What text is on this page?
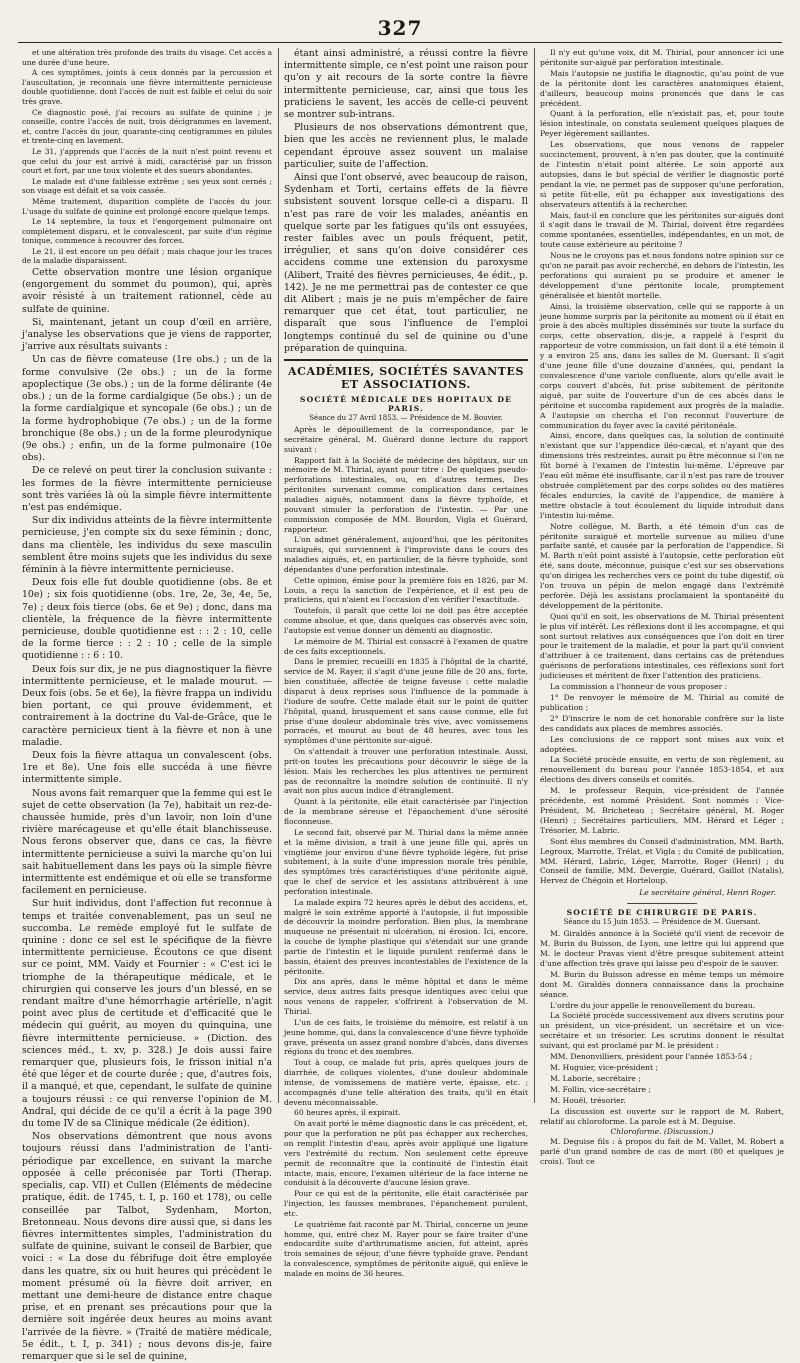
327

et une altération très profonde des traits du visage. Cet accès a une durée d'une heure.

A ces symptômes, joints à ceux donnés par la percussion et l'auscultation, je reconnais une fièvre intermittente pernicieuse double quotidienne, dont l'accès de nuit est faible et celui du soir très grave.

Ce diagnostic posé, j'ai recours au sulfate de quinine ; je conseille, contre l'accès de nuit, trois décigrammes en lavement, et, contre l'accès du jour, quarante-cinq centigrammes en pilules et trente-cinq en lavement.

Le 31, j'apprends que l'accès de la nuit n'est point revenu et que celui du jour est arrivé à midi, caractérisé par un frisson court et fort, par une toux violente et des sueurs abondantes.

Le malade est d'une faiblesse extrême ; ses yeux sont cernés ; son visage est défait et sa voix cassée.

Même traitement, disparition complète de l'accès du jour. L'usage du sulfate de quinine est prolongé encore quelque temps.

Le 14 septembre, la toux et l'engorgement pulmonaire ont complètement disparu, et le convalescent, par suite d'un régime tonique, commence à recouvrer des forces.

Le 21, il est encore un peu défait ; mais chaque jour les traces de la maladie disparaissent.

Cette observation montre une lésion organique (engorgement du sommet du poumon), qui, après avoir résisté à un traitement rationnel, cède au sulfate de quinine.

Si, maintenant, jetant un coup d'œil en arrière, j'analyse les observations que je viens de rapporter, j'arrive aux résultats suivants :

Un cas de fièvre comateuse (1re obs.) ; un de la forme convulsive (2e obs.) ; un de la forme apoplectique (3e obs.) ; un de la forme délirante (4e obs.) ; un de la forme cardialgique (5e obs.) ; un de la forme cardialgique et syncopale (6e obs.) ; un de la forme hydrophobique (7e obs.) ; un de la forme bronchique (8e obs.) ; un de la forme pleurodynique (9e obs.) ; enfin, un de la forme pulmonaire (10e obs).

De ce relevé on peut tirer la conclusion suivante : les formes de la fièvre intermittente pernicieuse sont très variées là où la simple fièvre intermittente n'est pas endémique.

Sur dix individus atteints de la fièvre intermittente pernicieuse, j'en compte six du sexe féminin ; donc, dans ma clientèle, les individus du sexe masculin semblent être moins sujets que les individus du sexe féminin à la fièvre intermittente pernicieuse.

Deux fois elle fut double quotidienne (obs. 8e et 10e) ; six fois quotidienne (obs. 1re, 2e, 3e, 4e, 5e, 7e) ; deux fois tierce (obs. 6e et 9e) ; donc, dans ma clientèle, la fréquence de la fièvre intermittente pernicieuse, double quotidienne est : : 2 : 10, celle de la forme tierce : : 2 : 10 ; celle de la simple quotidienne : : 6 : 10.

Deux fois sur dix, je ne pus diagnostiquer la fièvre intermittente pernicieuse, et le malade mourut. — Deux fois (obs. 5e et 6e), la fièvre frappa un individu bien portant, ce qui prouve évidemment, et contrairement à la doctrine du Val-de-Grâce, que le caractère pernicieux tient à la fièvre et non à une maladie.

Deux fois la fièvre attaqua un convalescent (obs. 1re et 8e). Une fois elle succéda à une fièvre intermittente simple.

Nous avons fait remarquer que la femme qui est le sujet de cette observation (la 7e), habitait un rez-de-chaussée humide, près d'un lavoir, non loin d'une rivière marécageuse et qu'elle était blanchisseuse. Nous ferons observer que, dans ce cas, la fièvre intermittente pernicieuse a suivi la marche qu'on lui sait habituellement dans les pays où la simple fièvre intermittente est endémique et où elle se transforme facilement en pernicieuse.

Sur huit individus, dont l'affection fut reconnue à temps et traitée convenablement, pas un seul ne succomba. Le remède employé fut le sulfate de quinine : donc ce sel est le spécifique de la fièvre intermittente pernicieuse. Écoutons ce que disent sur ce point, MM. Vaidy et Fournier : « C'est ici le triomphe de la thérapeutique médicale, et le chirurgien qui conserve les jours d'un blessé, en se rendant maître d'une hémorrhagie artérielle, n'agit point avec plus de certitude et d'efficacité que le médecin qui guérit, au moyen du quinquina, une fièvre intermittente pernicieuse. » (Diction. des sciences méd., t. xv, p. 328.) Je dois aussi faire remarquer que, plusieurs fois, le frisson initial n'a été que léger et de courte durée ; que, d'autres fois, il a manqué, et que, cependant, le sulfate de quinine a toujours réussi : ce qui renverse l'opinion de M. Andral, qui décide de ce qu'il a écrit à la page 390 du tome IV de sa Clinique médicale (2e édition).

Nos observations démontrent que nous avons toujours réussi dans l'administration de l'anti-périodique par excellence, en suivant la marche opposée à celle préconisée par Torti (Therap. specialis, cap. VII) et Cullen (Eléments de médecine pratique, édit. de 1745, t. I, p. 160 et 178), ou celle conseillée par Talbot, Sydenham, Morton, Bretonneau. Nous devons dire aussi que, si dans les fièvres intermittentes simples, l'administration du sulfate de quinine, suivant le conseil de Barbier, que voici : « La dose du fébrifuge doit être employée dans les quatre, six ou huit heures qui précèdent le moment présumé où la fièvre doit arriver, en mettant une demi-heure de distance entre chaque prise, et en prenant ses précautions pour que la dernière soit ingérée deux heures au moins avant l'arrivée de la fièvre. » (Traité de matière médicale, 5e édit., t. I, p. 341) ; nous devons dis-je, faire remarquer que si le sel de quinine,

étant ainsi administré, a réussi contre la fièvre intermittente simple, ce n'est point une raison pour qu'on y ait recours de la sorte contre la fièvre intermittente pernicieuse, car, ainsi que tous les praticiens le savent, les accès de celle-ci peuvent se montrer sub-intrans.

Plusieurs de nos observations démontrent que, bien que les accès ne reviennent plus, le malade cependant éprouve assez souvent un malaise particulier, suite de l'affection.

Ainsi que l'ont observé, avec beaucoup de raison, Sydenham et Torti, certains effets de la fièvre subsistent souvent lorsque celle-ci a disparu. Il n'est pas rare de voir les malades, anéantis en quelque sorte par les fatigues qu'ils ont essuyées, rester faibles avec un pouls fréquent, petit, irrégulier, et sans qu'on doive considérer ces accidens comme une extension du paroxysme (Alibert, Traité des fièvres pernicieuses, 4e édit., p. 142). Je ne me permettrai pas de contester ce que dit Alibert ; mais je ne puis m'empêcher de faire remarquer que cet état, tout particulier, ne disparaît que sous l'influence de l'emploi longtemps continué du sel de quinine ou d'une préparation de quinquina.

ACADÉMIES, SOCIÉTÉS SAVANTES ET ASSOCIATIONS.
SOCIÉTÉ MÉDICALE DES HOPITAUX DE PARIS.
Séance du 27 Avril 1853. — Présidence de M. Bouvier.

Après le dépouillement de la correspondance, par le secrétaire général, M. Guérard donne lecture du rapport suivant :

Rapport fait à la Société de médecine des hôpitaux, sur un mémoire de M. Thirial, ayant pour titre : De quelques pseudo-perforations intestinales, ou, en d'autres termes, Des péritonites survenant comme complication dans certaines maladies aiguës, notamment dans la fièvre typhoïde, et pouvant simuler la perforation de l'intestin. — Par une commission composée de MM. Bourdon, Vigla et Guérard, rapporteur.

L'on admet généralement, aujourd'hui, que les péritonites suraiguës, qui surviennent à l'improviste dans le cours des maladies aiguës, et, en particulier, de la fièvre typhoïde, sont dépendantes d'une perforation intestinale.

Cette opinion, émise pour la première fois en 1826, par M. Louis, a reçu la sanction de l'expérience, et il est peu de praticiens, qui n'aient eu l'occasion d'en vérifier l'exactitude.

Toutefois, il paraît que cette loi ne doit pas être acceptée comme absolue, et que, dans quelques cas observés avec soin, l'autopsie est venue donner un démenti au diagnostic.

Le mémoire de M. Thirial est consacré à l'examen de quatre de ces faits exceptionnels.

Dans le premier, recueilli en 1835 à l'hôpital de la charité, service de M. Rayer, il s'agit d'une jeune fille de 20 ans, forte, bien constituée, affectée de teigne faveuse : cette maladie disparut à deux reprises sous l'influence de la pommade à l'iodure de soufre. Cette malade était sur le point de quitter l'hôpital, quand, brusquement et sans cause connue, elle fut prise d'une douleur abdominale très vive, avec vomissemens porracés, et mourut au bout de 48 heures, avec tous les symptômes d'une péritonite sur-aiguë.

On s'attendait à trouver une perforation intestinale. Aussi, prit-on toutes les précautions pour découvrir le siège de la lésion. Mais les recherches les plus attentives ne permirent pas de reconnaître la moindre solution de continuité. Il n'y avait non plus aucun indice d'étranglement.

Quant à la péritonite, elle était caractérisée par l'injection de la membrane séreuse et l'épanchement d'une sérosité floconneuse.

Le second fait, observé par M. Thirial dans la même année et la même division, a trait à une jeune fille qui, après un vingtième jour environ d'une fièvre typhoïde légère, fut prise subitement, à la suite d'une impression morale très pénible, des symptômes très caractéristiques d'une péritonite aiguë, que le chef de service et les assistans attribuèrent à une perforation intestinale.

La malade expira 72 heures après le début des accidens, et, malgré le soin extrême apporté à l'autopsie, il fut impossible de découvrir la moindre perforation. Bien plus, la membrane muqueuse ne présentait ni ulcération, ni érosion. Ici, encore, la couche de lymphe plastique qui s'étendait sur une grande partie de l'intestin et le liquide purulent renfermé dans le bassin, étaient des preuves incontestables de l'existence de la péritonite.

Dix ans après, dans le même hôpital et dans le même service, deux autres faits presque identiques avec celui que nous venons de rappeler, s'offrirent à l'observation de M. Thirial.

L'un de ces faits, le troisième du mémoire, est relatif à un jeune homme, qui, dans la convalescence d'une fièvre typhoïde grave, présenta un assez grand nombre d'abcès, dans diverses régions du tronc et des membres.

Tout à coup, ce malade fut pris, après quelques jours de diarrhée, de coliques violentes, d'une douleur abdominale intense, de vomissemens de matière verte, épaisse, etc. ; accompagnés d'une telle altération des traits, qu'il en était devenu méconnaissable.

60 heures après, il expirait.

On avait porté le même diagnostic dans le cas précédent, et, pour que la perforation ne pût pas échapper aux recherches, on remplit l'intestin d'eau, après avoir appliqué une ligature vers l'extrémité du rectum. Non seulement cette épreuve permit de reconnaître que la continuité de l'intestin était intacte, mais, encore, l'examen ultérieur de la face interne ne conduisit à la découverte d'aucune lésion grave.

Pour ce qui est de la péritonite, elle était caractérisée par l'injection, les fausses membranes, l'épanchement purulent, etc.

Le quatrième fait raconté par M. Thirial, concerne un jeune homme, qui, entré chez M. Rayer pour se faire traiter d'une endocardite suite d'arthrumatisme ancien, fut atteint, après trois semaines de séjour, d'une fièvre typhoïde grave. Pendant la convalescence, symptômes de péritonite aiguë, qui enlève le malade en moins de 36 heures.

Il n'y eut qu'une voix, dit M. Thirial, pour annoncer ici une péritonite sur-aiguë par perforation intestinale.

Mais l'autopsie ne justifia le diagnostic, qu'au point de vue de la péritonite dont les caractères anatomiques étaient, d'ailleurs, beaucoup moins prononcés que dans le cas précédent.

Quant à la perforation, elle n'existait pas, et, pour toute lésion intestinale, on constata seulement quelques plaques de Peyer légèrement saillantes.

Les observations, que nous venons de rappeler succinctement, prouvent, à n'en pas douter, que la continuité de l'intestin n'était point altérée. Le soin apporté aux autopsies, dans le but spécial de vérifier le diagnostic porté pendant la vie, ne permet pas de supposer qu'une perforation, si petite fût-elle, eût pu échapper aux investigations des observateurs attentifs à la rechercher.

Mais, faut-il en conclure que les péritonites sur-aiguës dont il s'agit dans le travail de M. Thirial, doivent être regardées comme spontanées, essentielles, indépendantes, en un mot, de toute cause extérieure au péritoine ?

Nous ne le croyons pas et nous fondons notre opinion sur ce qu'on ne parait pas avoir recherché, en dehors de l'intestin, les perforations qui auraient pu se produire et amener le développement d'une péritonite locale, promptement généralisée et bientôt mortelle.

Ainsi, la troisième observation, celle qui se rapporte à un jeune homme surpris par la péritonite au moment où il était en proie à des abcès multiples disséminés sur toute la surface du corps, cette observation, dis-je, a rappelé à l'esprit du rapporteur de votre commission, un fait dont il a été témoin il y a environ 25 ans, dans les salles de M. Guersant. Il s'agit d'une jeune fille d'une douzaine d'années, qui, pendant la convalescence d'une variole confluente, alors qu'elle avait le corps couvert d'abcès, fut prise subitement de péritonite aiguë, par suite de l'ouverture d'un de ces abcès dans le péritoine et succomba rapidement aux progrès de la maladie. A l'autopsie on chercha et l'on reconnut l'ouverture de communication du foyer avec la cavité péritonéale.

Ainsi, encore, dans quelques cas, la solution de continuité n'existant que sur l'appendice iléo-cæcal, et n'ayant que des dimensions très restreintes, aurait pu être méconnue si l'on ne fût borné à l'examen de l'intestin lui-même. L'épreuve par l'eau eût même été insuffisante, car il n'est pas rare de trouver obstruée complètement par des corps solides ou des matières fécales endurcies, la cavité de l'appendice, de manière à mettre obstacle à tout écoulement du liquide introduit dans l'intestin lui-même.

Notre collègue, M. Barth, a été témoin d'un cas de péritonite suraiguë et mortelle survenue au milieu d'une parfaite santé, et causée par la perforation de l'appendice. Si M. Barth n'eût point assisté à l'autopsie, cette perforation eût été, sans doute, méconnue, puisque c'est sur ses observations qu'on dirigea les recherches vers ce point du tube digestif, où l'on trouva un pépin de melon engagé dans l'extrémité perforée. Déjà les assistans proclamaient la spontanéité du développement de la péritonite.

Quoi qu'il en soit, les observations de M. Thirial présentent le plus vif intérêt. Les réflexions dont il les accompagne, et qui sont surtout relatives aux conséquences que l'on doit en tirer pour le traitement de la maladie, et pour la part qu'il convient d'attribuer à ce traitement, dans certains cas de prétendues guérisons de perforations intestinales, ces réflexions sont fort judicieuses et méritent de fixer l'attention des praticiens.

La commission a l'honneur de vous proposer :

1° De renvoyer le mémoire de M. Thirial au comité de publication ;

2° D'inscrire le nom de cet honorable confrère sur la liste des candidats aux places de membres associés.

Les conclusions de ce rapport sont mises aux voix et adoptées.

La Société procède ensuite, en vertu de son règlement, au renouvellement du bureau pour l'année 1853-1854, et aux élections des divers conseils et comités.

M. le professeur Requin, vice-président de l'année précédente, est nommé Président. Sont nommés : Vice-Président, M. Bricheteau ; Secrétaire général, M. Roger (Henri) ; Secrétaires particuliers, MM. Hérard et Léger ; Trésorier, M. Labric.

Sont élus membres du Conseil d'administration, MM. Barth, Legroux, Marrotte, Trélat, et Vigla ; du Comité de publication, MM. Hérard, Labric, Léger, Marrotte, Roger (Henri) ; du Conseil de famille, MM. Devergie, Guérard, Gaillot (Natalis), Hervez de Chégoin et Horteloup.

Le secrétaire général, Henri Roger.
SOCIÉTÉ DE CHIRURGIE DE PARIS.
Séance du 15 Juin 1853. — Présidence de M. Guersant.

M. Giraldès annonce à la Société qu'il vient de recevoir de M. Burin du Buisson, de Lyon, une lettre qui lui apprend que M. le docteur Pravas vient d'être presque subitement atteint d'une affection très grave qui laisse peu d'espoir de le sauver.

M. Burin du Buisson adresse en même temps un mémoire dont M. Giraldès donnera connaissance dans la prochaine séance.

L'ordre du jour appelle le renouvellement du bureau.

La Société procède successivement aux divers scrutins pour un président, un vice-président, un secrétaire et un vice-secrétaire et un trésorier. Les scrutins donnent le résultat suivant, qui est proclamé par M. le président :

MM. Denonvilliers, président pour l'année 1853-54 ;

M. Huguier, vice-président ;

M. Laborie, secrétaire ;

M. Follin, vice-secrétaire ;

M. Houël, trésorier.

La discussion est ouverte sur le rapport de M. Robert, relatif au chloroforme. La parole est à M. Deguise.

Chloroforme. (Discussion.)

M. Deguise fils : à propos du fait de M. Vallet, M. Robert a parlé d'un grand nombre de cas de mort (80 et quelques je crois). Tout ce
